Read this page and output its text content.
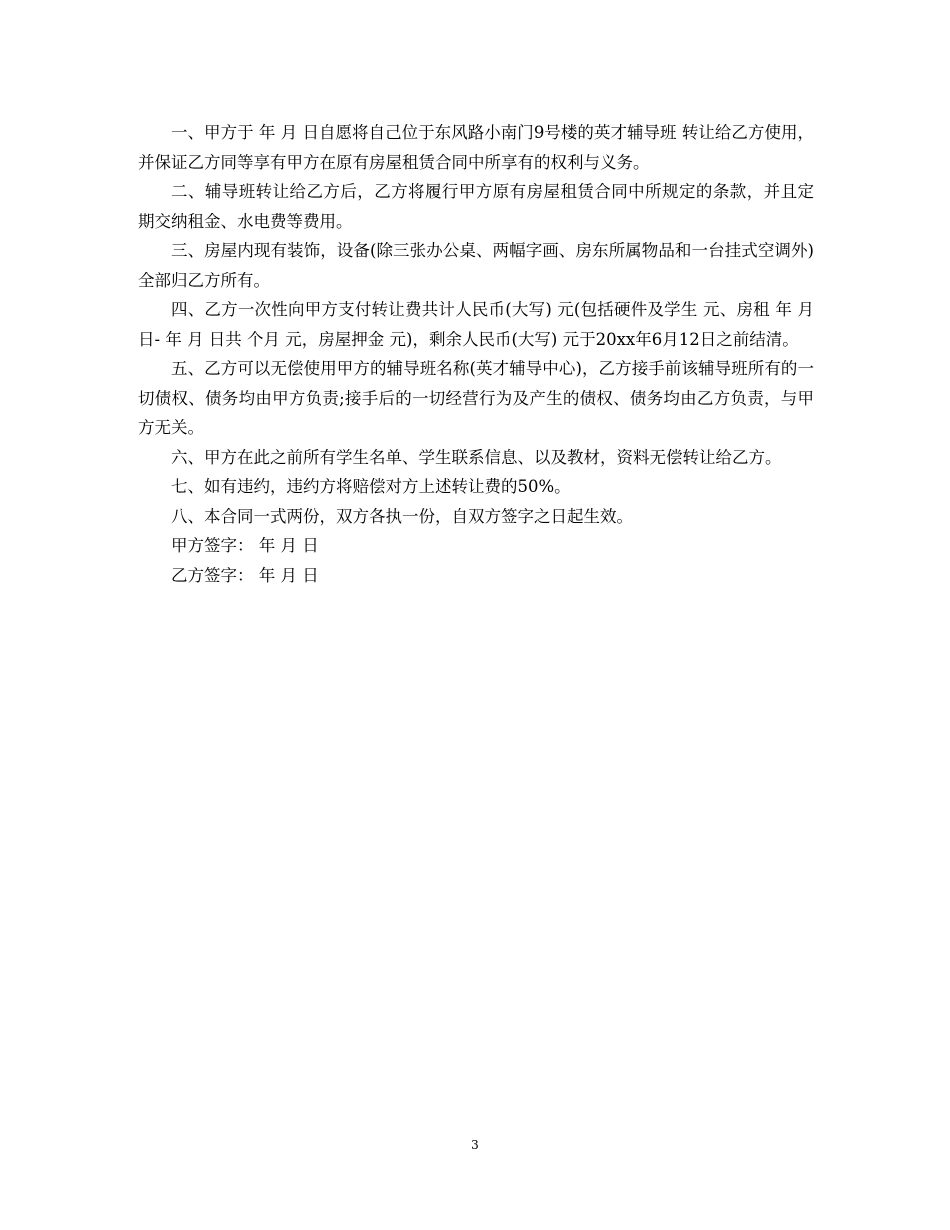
一、甲方于 年 月 日自愿将自己位于东风路小南门9号楼的英才辅导班 转让给乙方使用，并保证乙方同等享有甲方在原有房屋租赁合同中所享有的权利与义务。

二、辅导班转让给乙方后，乙方将履行甲方原有房屋租赁合同中所规定的条款，并且定期交纳租金、水电费等费用。

三、房屋内现有装饰，设备(除三张办公桌、两幅字画、房东所属物品和一台挂式空调外)全部归乙方所有。

四、乙方一次性向甲方支付转让费共计人民币(大写) 元(包括硬件及学生 元、房租 年 月 日- 年 月 日共 个月 元，房屋押金 元)，剩余人民币(大写) 元于20xx年6月12日之前结清。

五、乙方可以无偿使用甲方的辅导班名称(英才辅导中心)，乙方接手前该辅导班所有的一切债权、债务均由甲方负责;接手后的一切经营行为及产生的债权、债务均由乙方负责，与甲方无关。

六、甲方在此之前所有学生名单、学生联系信息、以及教材，资料无偿转让给乙方。

七、如有违约，违约方将赔偿对方上述转让费的50%。

八、本合同一式两份，双方各执一份，自双方签字之日起生效。

甲方签字： 年 月 日

乙方签字： 年 月 日

3
